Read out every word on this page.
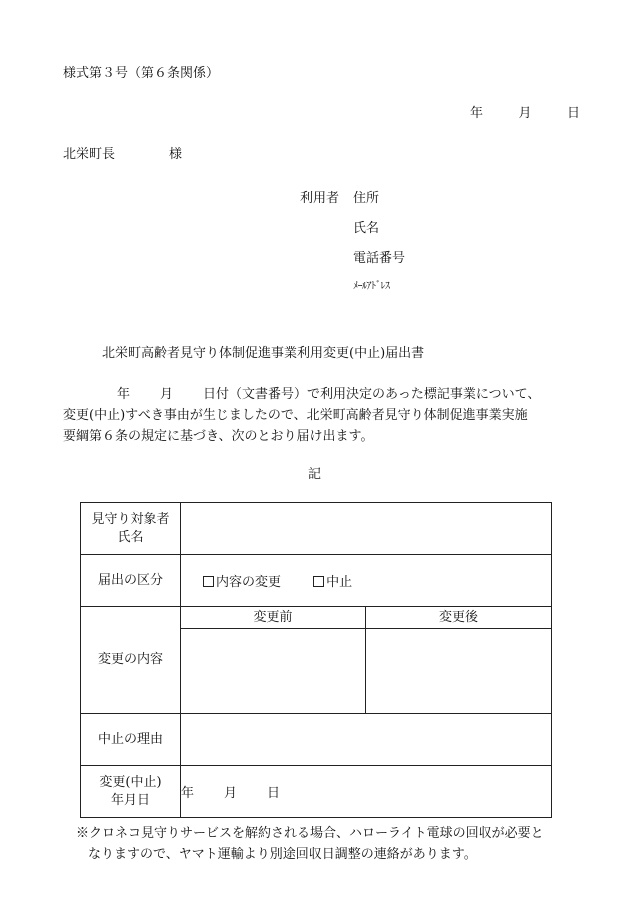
様式第３号（第６条関係）
年	月	日
北栄町長	様
利用者 住所
氏名
電話番号
ﾒｰﾙｱﾄﾞﾚｽ
北栄町高齢者見守り体制促進事業利用変更(中止)届出書
年 月 日付（文書番号）で利用決定のあった標記事業について、
変更(中止)すべき事由が生じましたので、北栄町高齢者見守り体制促進事業実施
要綱第６条の規定に基づき、次のとおり届け出ます。
記
見守り対象者
氏名	

届出の区分	内容の変更 中止

変更の内容	変更前 変更後

中止の理由	

変更(中止)
年月日	年 月 日
※クロネコ見守りサービスを解約される場合、ハローライト電球の回収が必要と
なりますので、ヤマト運輸より別途回収日調整の連絡があります。
